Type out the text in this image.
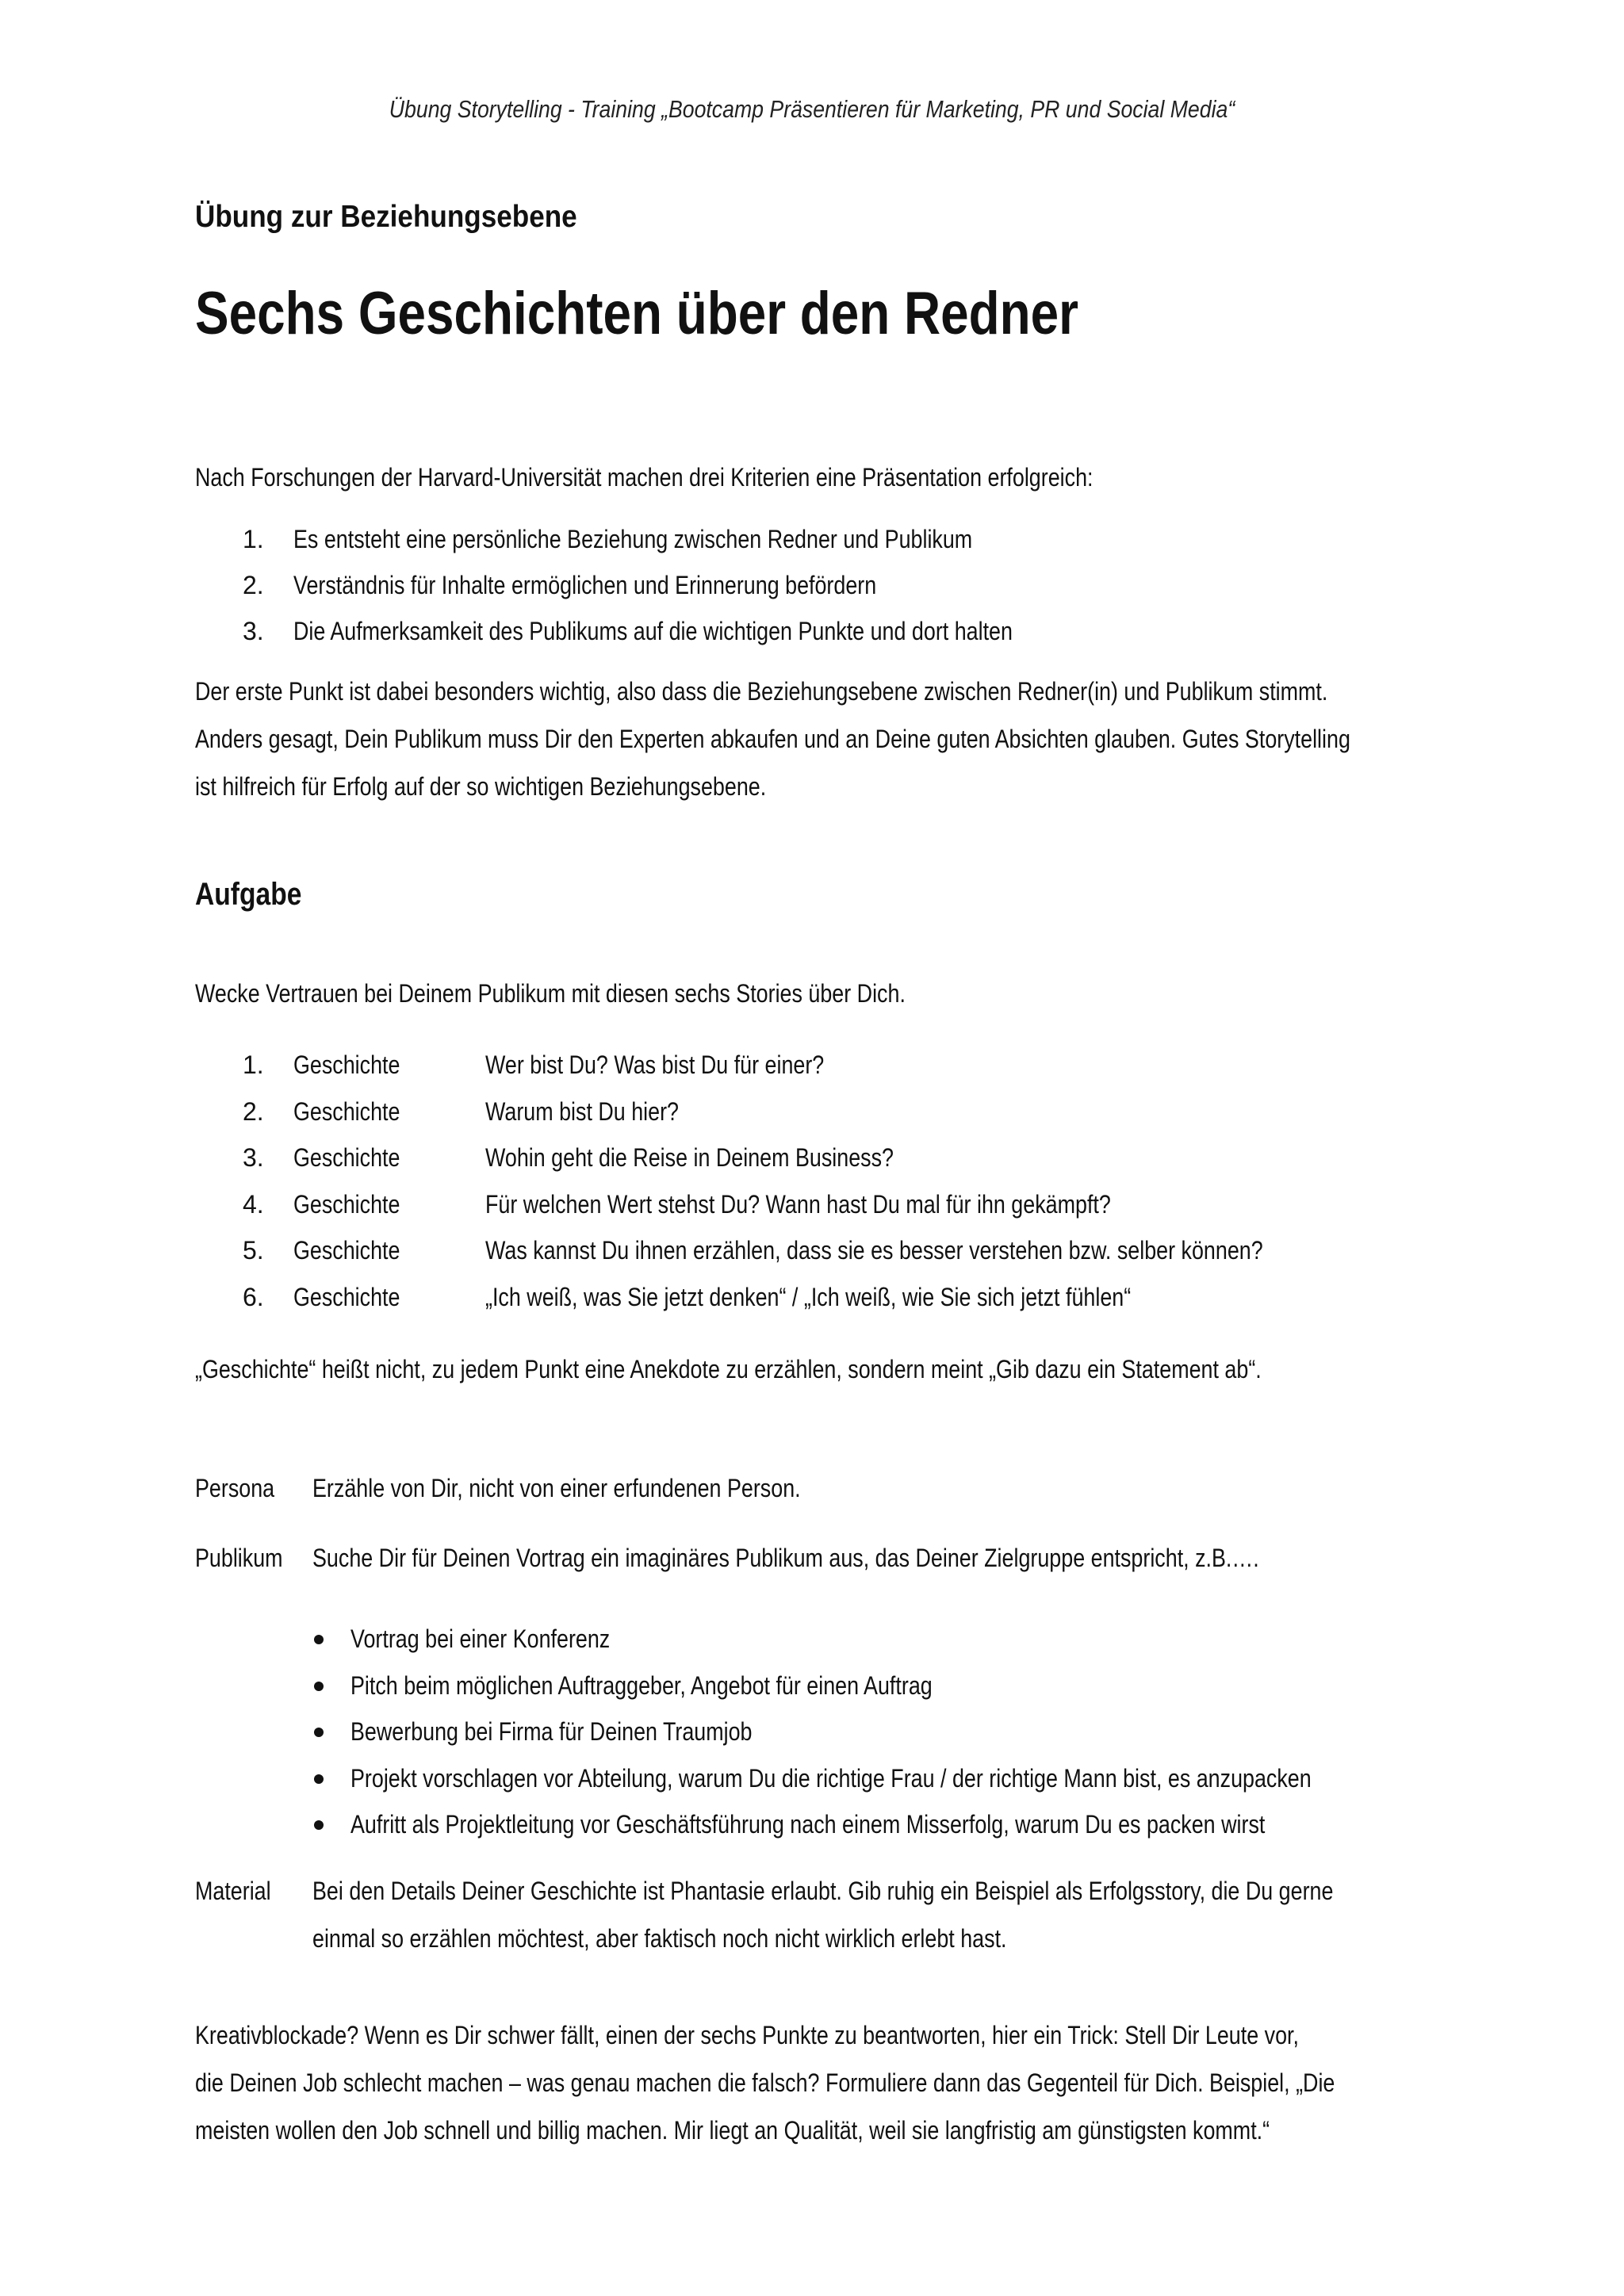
Übung Storytelling - Training „Bootcamp Präsentieren für Marketing, PR und Social Media“
Übung zur Beziehungsebene
Sechs Geschichten über den Redner
Nach Forschungen der Harvard-Universität machen drei Kriterien eine Präsentation erfolgreich:
1. Es entsteht eine persönliche Beziehung zwischen Redner und Publikum
2. Verständnis für Inhalte ermöglichen und Erinnerung befördern
3. Die Aufmerksamkeit des Publikums auf die wichtigen Punkte und dort halten
Der erste Punkt ist dabei besonders wichtig, also dass die Beziehungsebene zwischen Redner(in) und Publikum stimmt.
Anders gesagt, Dein Publikum muss Dir den Experten abkaufen und an Deine guten Absichten glauben. Gutes Storytelling
ist hilfreich für Erfolg auf der so wichtigen Beziehungsebene.
Aufgabe
Wecke Vertrauen bei Deinem Publikum mit diesen sechs Stories über Dich.
1. Geschichte	Wer bist Du? Was bist Du für einer?
2. Geschichte	Warum bist Du hier?
3. Geschichte	Wohin geht die Reise in Deinem Business?
4. Geschichte	Für welchen Wert stehst Du? Wann hast Du mal für ihn gekämpft?
5. Geschichte	Was kannst Du ihnen erzählen, dass sie es besser verstehen bzw. selber können?
6. Geschichte	„Ich weiß, was Sie jetzt denken“ / „Ich weiß, wie Sie sich jetzt fühlen“
„Geschichte“ heißt nicht, zu jedem Punkt eine Anekdote zu erzählen, sondern meint „Gib dazu ein Statement ab“.
Persona Erzähle von Dir, nicht von einer erfundenen Person.
Publikum Suche Dir für Deinen Vortrag ein imaginäres Publikum aus, das Deiner Zielgruppe entspricht, z.B.….
Vortrag bei einer Konferenz
Pitch beim möglichen Auftraggeber, Angebot für einen Auftrag
Bewerbung bei Firma für Deinen Traumjob
Projekt vorschlagen vor Abteilung, warum Du die richtige Frau / der richtige Mann bist, es anzupacken
Aufritt als Projektleitung vor Geschäftsführung nach einem Misserfolg, warum Du es packen wirst
Material Bei den Details Deiner Geschichte ist Phantasie erlaubt. Gib ruhig ein Beispiel als Erfolgsstory, die Du gerne
einmal so erzählen möchtest, aber faktisch noch nicht wirklich erlebt hast.
Kreativblockade? Wenn es Dir schwer fällt, einen der sechs Punkte zu beantworten, hier ein Trick: Stell Dir Leute vor,
die Deinen Job schlecht machen – was genau machen die falsch? Formuliere dann das Gegenteil für Dich. Beispiel, „Die
meisten wollen den Job schnell und billig machen. Mir liegt an Qualität, weil sie langfristig am günstigsten kommt.“
